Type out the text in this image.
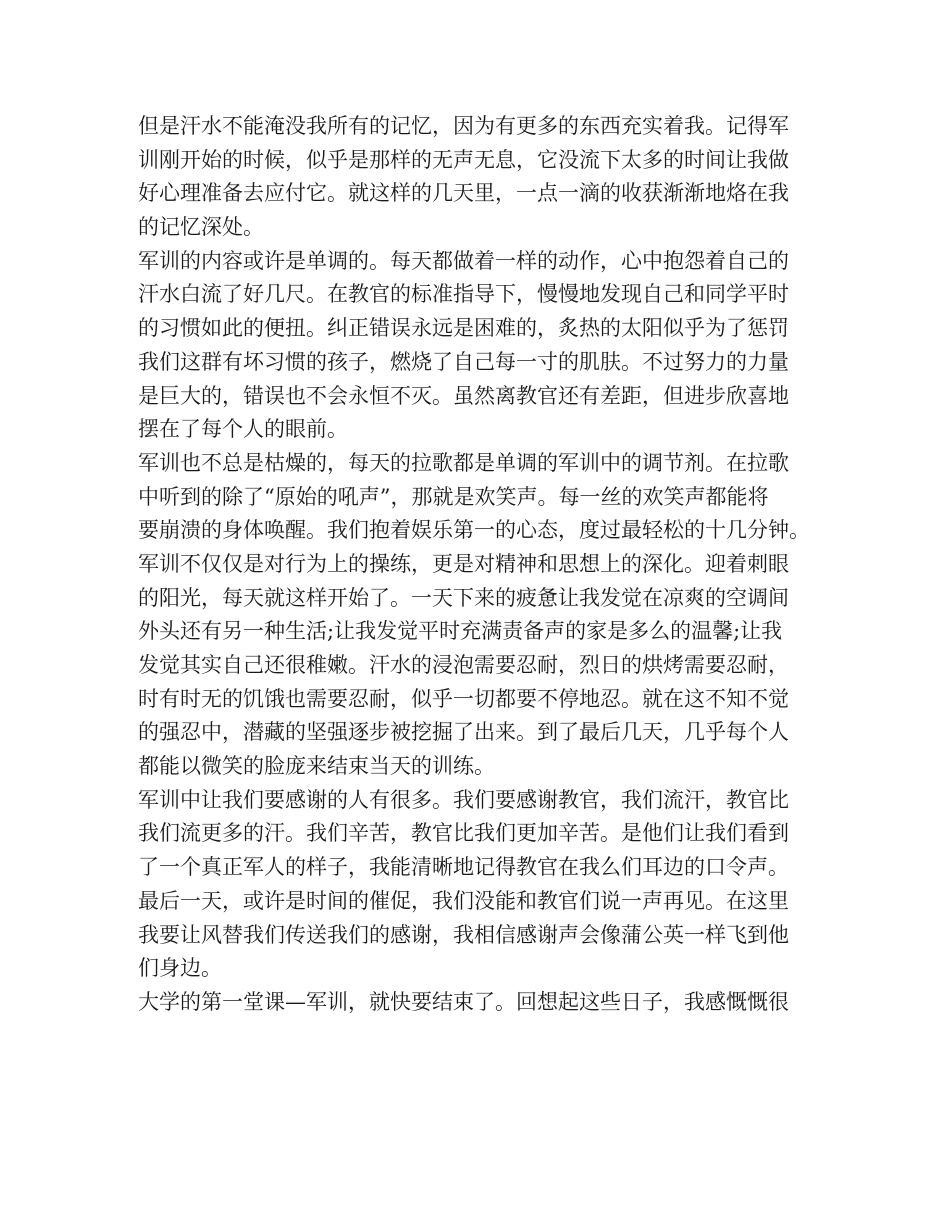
但是汗水不能淹没我所有的记忆，因为有更多的东西充实着我。记得军
训刚开始的时候，似乎是那样的无声无息，它没流下太多的时间让我做
好心理准备去应付它。就这样的几天里，一点一滴的收获渐渐地烙在我
的记忆深处。
军训的内容或许是单调的。每天都做着一样的动作，心中抱怨着自己的
汗水白流了好几尺。在教官的标准指导下，慢慢地发现自己和同学平时
的习惯如此的便扭。纠正错误永远是困难的，炙热的太阳似乎为了惩罚
我们这群有坏习惯的孩子，燃烧了自己每一寸的肌肤。不过努力的力量
是巨大的，错误也不会永恒不灭。虽然离教官还有差距，但进步欣喜地
摆在了每个人的眼前。
军训也不总是枯燥的，每天的拉歌都是单调的军训中的调节剂。在拉歌
中听到的除了“原始的吼声”，那就是欢笑声。每一丝的欢笑声都能将
要崩溃的身体唤醒。我们抱着娱乐第一的心态，度过最轻松的十几分钟。
军训不仅仅是对行为上的操练，更是对精神和思想上的深化。迎着刺眼
的阳光，每天就这样开始了。一天下来的疲惫让我发觉在凉爽的空调间
外头还有另一种生活;让我发觉平时充满责备声的家是多么的温馨;让我
发觉其实自己还很稚嫩。汗水的浸泡需要忍耐，烈日的烘烤需要忍耐，
时有时无的饥饿也需要忍耐，似乎一切都要不停地忍。就在这不知不觉
的强忍中，潜藏的坚强逐步被挖掘了出来。到了最后几天，几乎每个人
都能以微笑的脸庞来结束当天的训练。
军训中让我们要感谢的人有很多。我们要感谢教官，我们流汗，教官比
我们流更多的汗。我们辛苦，教官比我们更加辛苦。是他们让我们看到
了一个真正军人的样子，我能清晰地记得教官在我么们耳边的口令声。
最后一天，或许是时间的催促，我们没能和教官们说一声再见。在这里
我要让风替我们传送我们的感谢，我相信感谢声会像蒲公英一样飞到他
们身边。
大学的第一堂课—军训，就快要结束了。回想起这些日子，我感慨慨很
